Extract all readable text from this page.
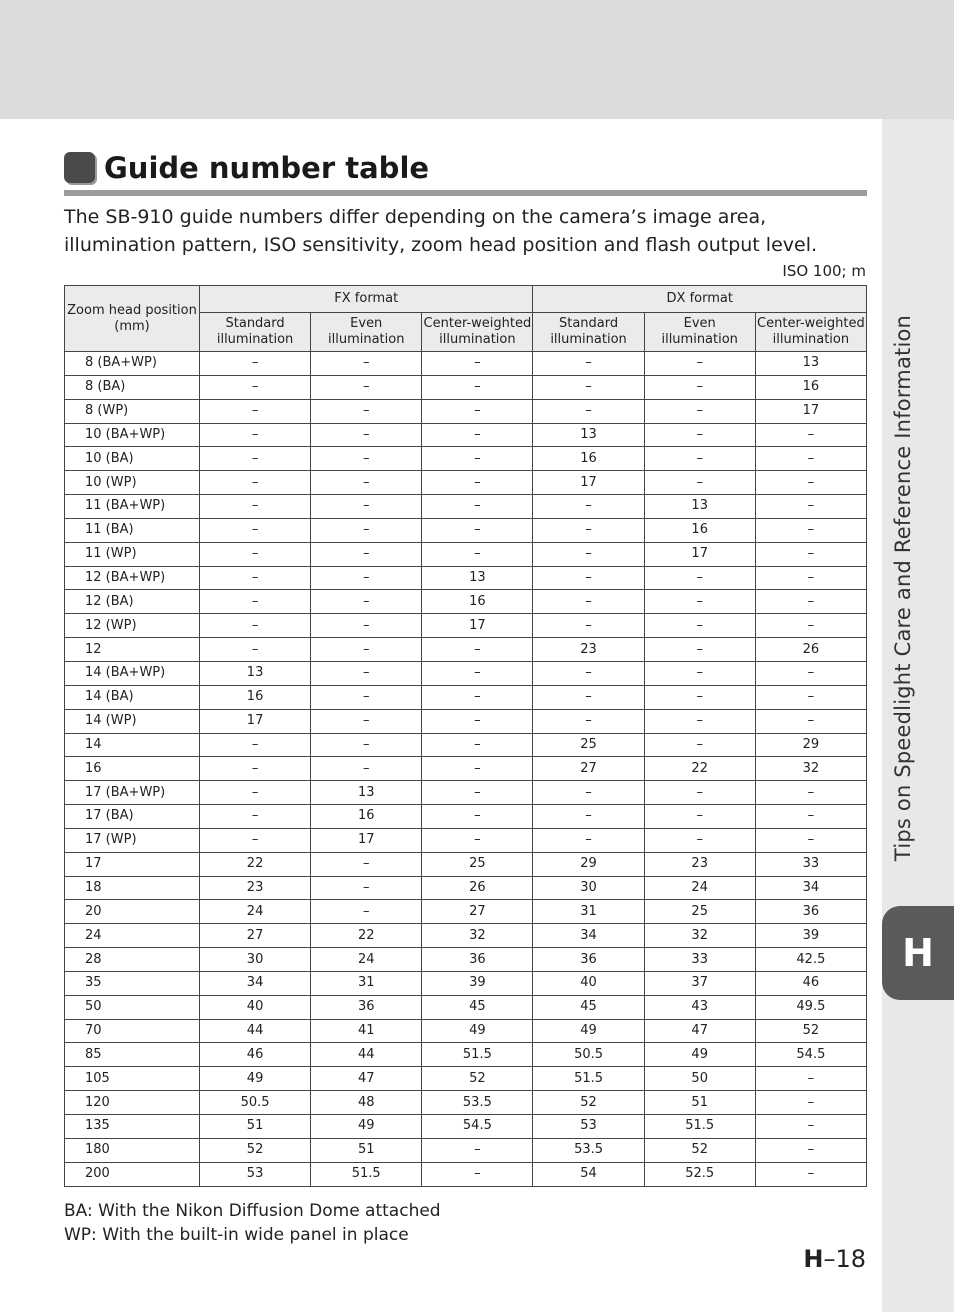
Tips on Speedlight Care and Reference Information
H
Guide number table

The SB-910 guide numbers differ depending on the camera’s image area, illumination pattern, ISO sensitivity, zoom head position and flash output level.

ISO 100; m
Zoom head position (mm)	FX format			DX format		
	Standard illumination	Even illumination	Center-weighted illumination	Standard illumination	Even illumination	Center-weighted illumination
8 (BA+WP)	–	–	–	–	–	13
8 (BA)	–	–	–	–	–	16
8 (WP)	–	–	–	–	–	17
10 (BA+WP)	–	–	–	13	–	–
10 (BA)	–	–	–	16	–	–
10 (WP)	–	–	–	17	–	–
11 (BA+WP)	–	–	–	–	13	–
11 (BA)	–	–	–	–	16	–
11 (WP)	–	–	–	–	17	–
12 (BA+WP)	–	–	13	–	–	–
12 (BA)	–	–	16	–	–	–
12 (WP)	–	–	17	–	–	–
12	–	–	–	23	–	26
14 (BA+WP)	13	–	–	–	–	–
14 (BA)	16	–	–	–	–	–
14 (WP)	17	–	–	–	–	–
14	–	–	–	25	–	29
16	–	–	–	27	22	32
17 (BA+WP)	–	13	–	–	–	–
17 (BA)	–	16	–	–	–	–
17 (WP)	–	17	–	–	–	–
17	22	–	25	29	23	33
18	23	–	26	30	24	34
20	24	–	27	31	25	36
24	27	22	32	34	32	39
28	30	24	36	36	33	42.5
35	34	31	39	40	37	46
50	40	36	45	45	43	49.5
70	44	41	49	49	47	52
85	46	44	51.5	50.5	49	54.5
105	49	47	52	51.5	50	–
120	50.5	48	53.5	52	51	–
135	51	49	54.5	53	51.5	–
180	52	51	–	53.5	52	–
200	53	51.5	–	54	52.5	–
BA: With the Nikon Diffusion Dome attached
WP: With the built-in wide panel in place
H–18
